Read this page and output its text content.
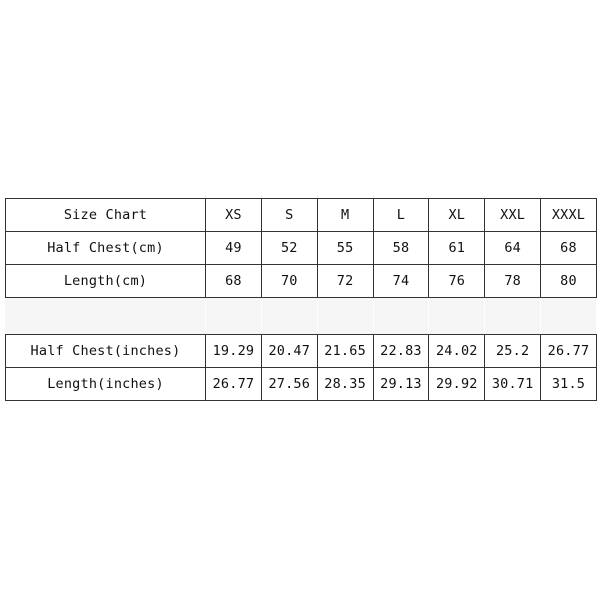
Size Chart	XS	S	M	L	XL	XXL	XXXL
Half Chest(cm)	49	52	55	58	61	64	68
Length(cm)	68	70	72	74	76	78	80

Half Chest(inches)	19.29	20.47	21.65	22.83	24.02	25.2	26.77
Length(inches)	26.77	27.56	28.35	29.13	29.92	30.71	31.5
